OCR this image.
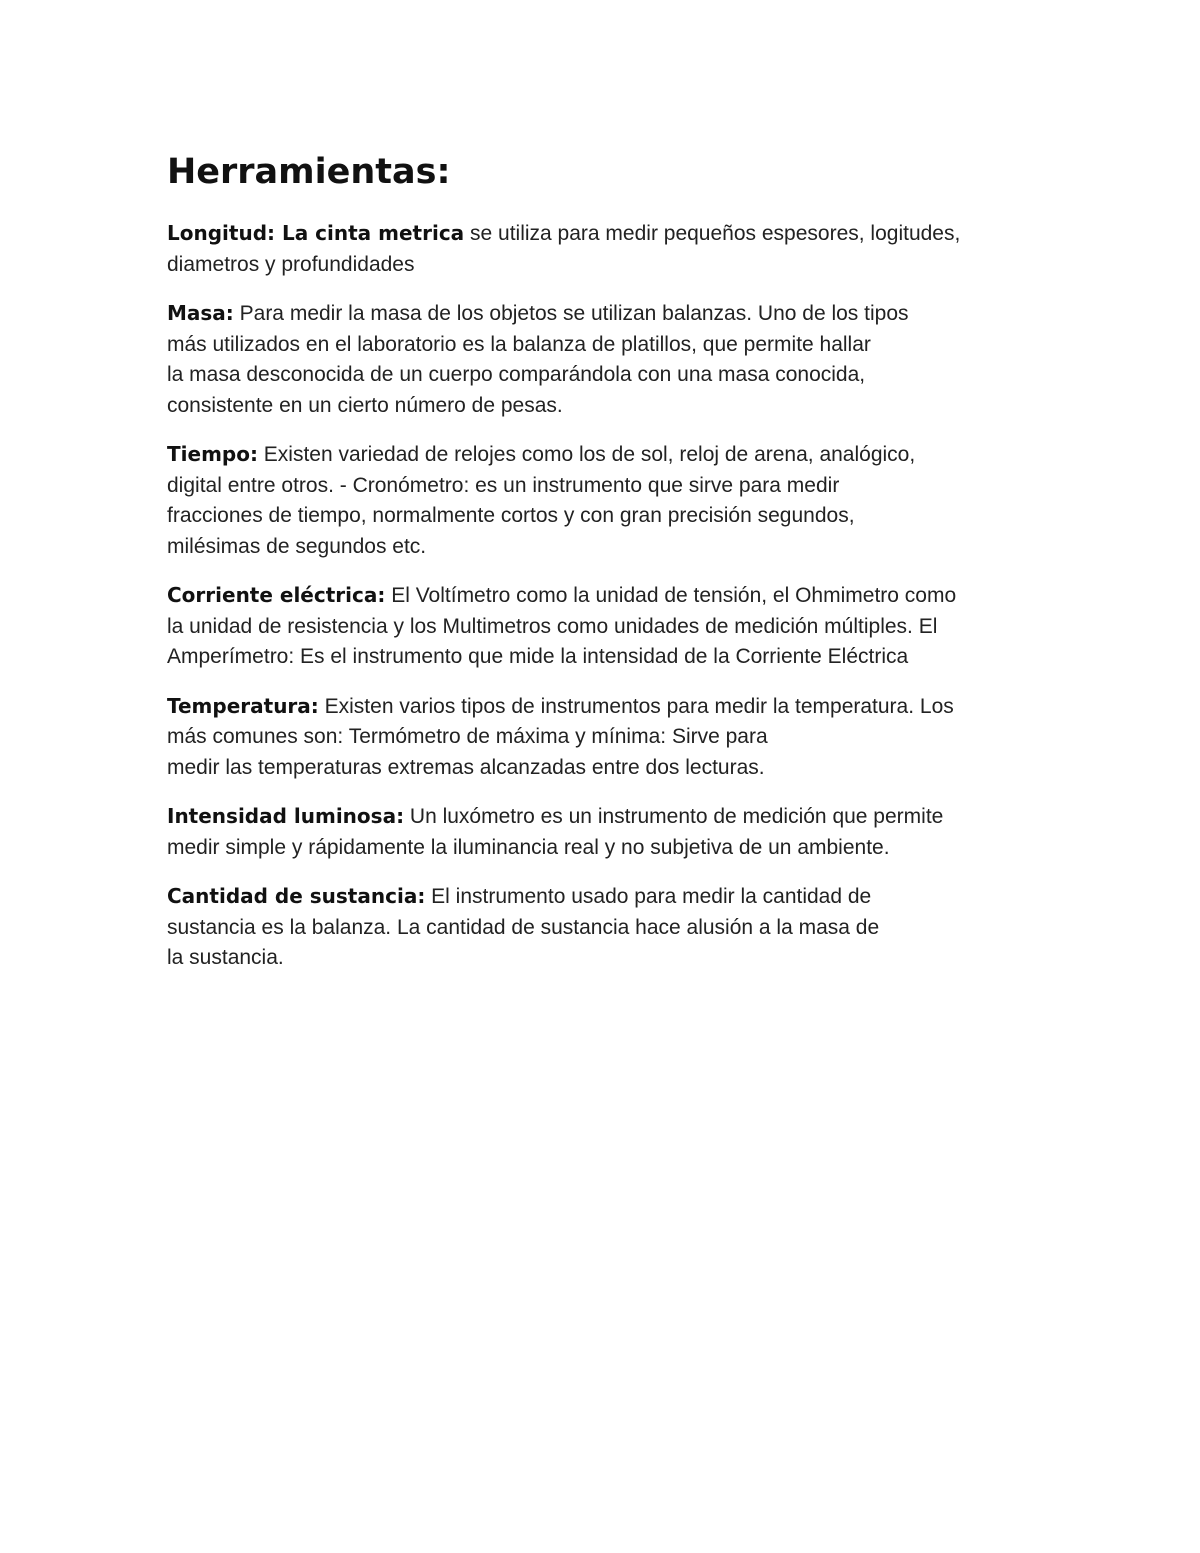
Herramientas:
Longitud: La cinta metrica se utiliza para medir pequeños espesores, logitudes,
diametros y profundidades
Masa: Para medir la masa de los objetos se utilizan balanzas. Uno de los tipos
más utilizados en el laboratorio es la balanza de platillos, que permite hallar
la masa desconocida de un cuerpo comparándola con una masa conocida,
consistente en un cierto número de pesas.
Tiempo: Existen variedad de relojes como los de sol, reloj de arena, analógico,
digital entre otros. - Cronómetro: es un instrumento que sirve para medir
fracciones de tiempo, normalmente cortos y con gran precisión segundos,
milésimas de segundos etc.
Corriente eléctrica: El Voltímetro como la unidad de tensión, el Ohmimetro como
la unidad de resistencia y los Multimetros como unidades de medición múltiples. El
Amperímetro: Es el instrumento que mide la intensidad de la Corriente Eléctrica
Temperatura: Existen varios tipos de instrumentos para medir la temperatura. Los
más comunes son: Termómetro de máxima y mínima: Sirve para
medir las temperaturas extremas alcanzadas entre dos lecturas.
Intensidad luminosa: Un luxómetro es un instrumento de medición que permite
medir simple y rápidamente la iluminancia real y no subjetiva de un ambiente.
Cantidad de sustancia: El instrumento usado para medir la cantidad de
sustancia es la balanza. La cantidad de sustancia hace alusión a la masa de
la sustancia.
